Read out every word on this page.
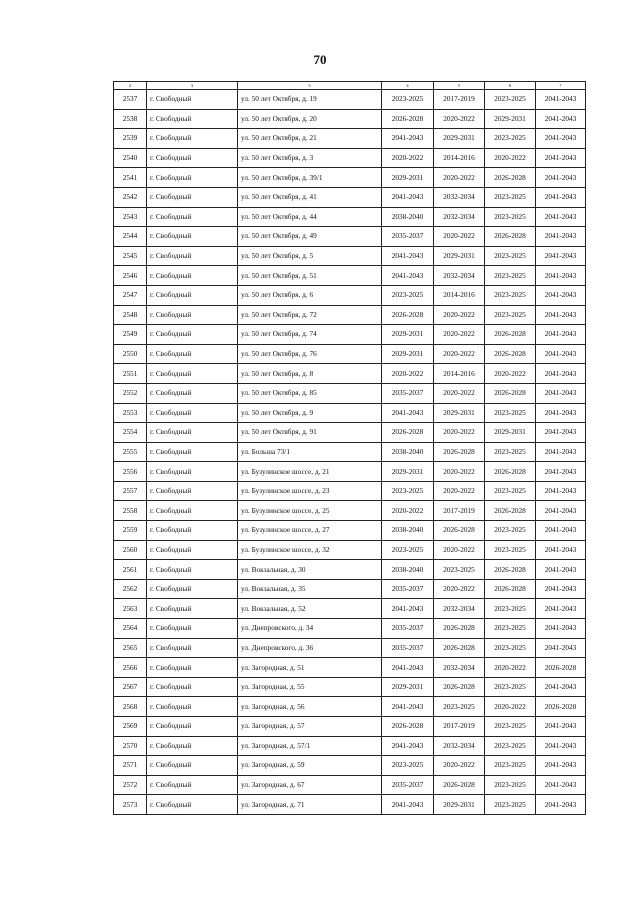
70
2	3	3	4	5	6	7
2537	г. Свободный	ул. 50 лет Октября, д. 19	2023-2025	2017-2019	2023-2025	2041-2043
2538	г. Свободный	ул. 50 лет Октября, д. 20	2026-2028	2020-2022	2029-2031	2041-2043
2539	г. Свободный	ул. 50 лет Октября, д. 21	2041-2043	2029-2031	2023-2025	2041-2043
2540	г. Свободный	ул. 50 лет Октября, д. 3	2020-2022	2014-2016	2020-2022	2041-2043
2541	г. Свободный	ул. 50 лет Октября, д. 39/1	2029-2031	2020-2022	2026-2028	2041-2043
2542	г. Свободный	ул. 50 лет Октября, д. 41	2041-2043	2032-2034	2023-2025	2041-2043
2543	г. Свободный	ул. 50 лет Октября, д. 44	2038-2040	2032-2034	2023-2025	2041-2043
2544	г. Свободный	ул. 50 лет Октября, д. 49	2035-2037	2020-2022	2026-2028	2041-2043
2545	г. Свободный	ул. 50 лет Октября, д. 5	2041-2043	2029-2031	2023-2025	2041-2043
2546	г. Свободный	ул. 50 лет Октября, д. 51	2041-2043	2032-2034	2023-2025	2041-2043
2547	г. Свободный	ул. 50 лет Октября, д. 6	2023-2025	2014-2016	2023-2025	2041-2043
2548	г. Свободный	ул. 50 лет Октября, д. 72	2026-2028	2020-2022	2023-2025	2041-2043
2549	г. Свободный	ул. 50 лет Октября, д. 74	2029-2031	2020-2022	2026-2028	2041-2043
2550	г. Свободный	ул. 50 лет Октября, д. 76	2029-2031	2020-2022	2026-2028	2041-2043
2551	г. Свободный	ул. 50 лет Октября, д. 8	2020-2022	2014-2016	2020-2022	2041-2043
2552	г. Свободный	ул. 50 лет Октября, д. 85	2035-2037	2020-2022	2026-2028	2041-2043
2553	г. Свободный	ул. 50 лет Октября, д. 9	2041-2043	2029-2031	2023-2025	2041-2043
2554	г. Свободный	ул. 50 лет Октября, д. 91	2026-2028	2020-2022	2029-2031	2041-2043
2555	г. Свободный	ул. Больша 73/1	2038-2040	2026-2028	2023-2025	2041-2043
2556	г. Свободный	ул. Бузулинское шоссе, д. 21	2029-2031	2020-2022	2026-2028	2041-2043
2557	г. Свободный	ул. Бузулинское шоссе, д. 23	2023-2025	2020-2022	2023-2025	2041-2043
2558	г. Свободный	ул. Бузулинское шоссе, д. 25	2020-2022	2017-2019	2026-2028	2041-2043
2559	г. Свободный	ул. Бузулинское шоссе, д. 27	2038-2040	2026-2028	2023-2025	2041-2043
2560	г. Свободный	ул. Бузулинское шоссе, д. 32	2023-2025	2020-2022	2023-2025	2041-2043
2561	г. Свободный	ул. Вокзальная, д. 30	2038-2040	2023-2025	2026-2028	2041-2043
2562	г. Свободный	ул. Вокзальная, д. 35	2035-2037	2020-2022	2026-2028	2041-2043
2563	г. Свободный	ул. Вокзальная, д. 52	2041-2043	2032-2034	2023-2025	2041-2043
2564	г. Свободный	ул. Днепровского, д. 34	2035-2037	2026-2028	2023-2025	2041-2043
2565	г. Свободный	ул. Днепровского, д. 36	2035-2037	2026-2028	2023-2025	2041-2043
2566	г. Свободный	ул. Загородная, д. 51	2041-2043	2032-2034	2020-2022	2026-2028
2567	г. Свободный	ул. Загородная, д. 55	2029-2031	2026-2028	2023-2025	2041-2043
2568	г. Свободный	ул. Загородная, д. 56	2041-2043	2023-2025	2020-2022	2026-2028
2569	г. Свободный	ул. Загородная, д. 57	2026-2028	2017-2019	2023-2025	2041-2043
2570	г. Свободный	ул. Загородная, д. 57/1	2041-2043	2032-2034	2023-2025	2041-2043
2571	г. Свободный	ул. Загородная, д. 59	2023-2025	2020-2022	2023-2025	2041-2043
2572	г. Свободный	ул. Загородная, д. 67	2035-2037	2026-2028	2023-2025	2041-2043
2573	г. Свободный	ул. Загородная, д. 71	2041-2043	2029-2031	2023-2025	2041-2043
